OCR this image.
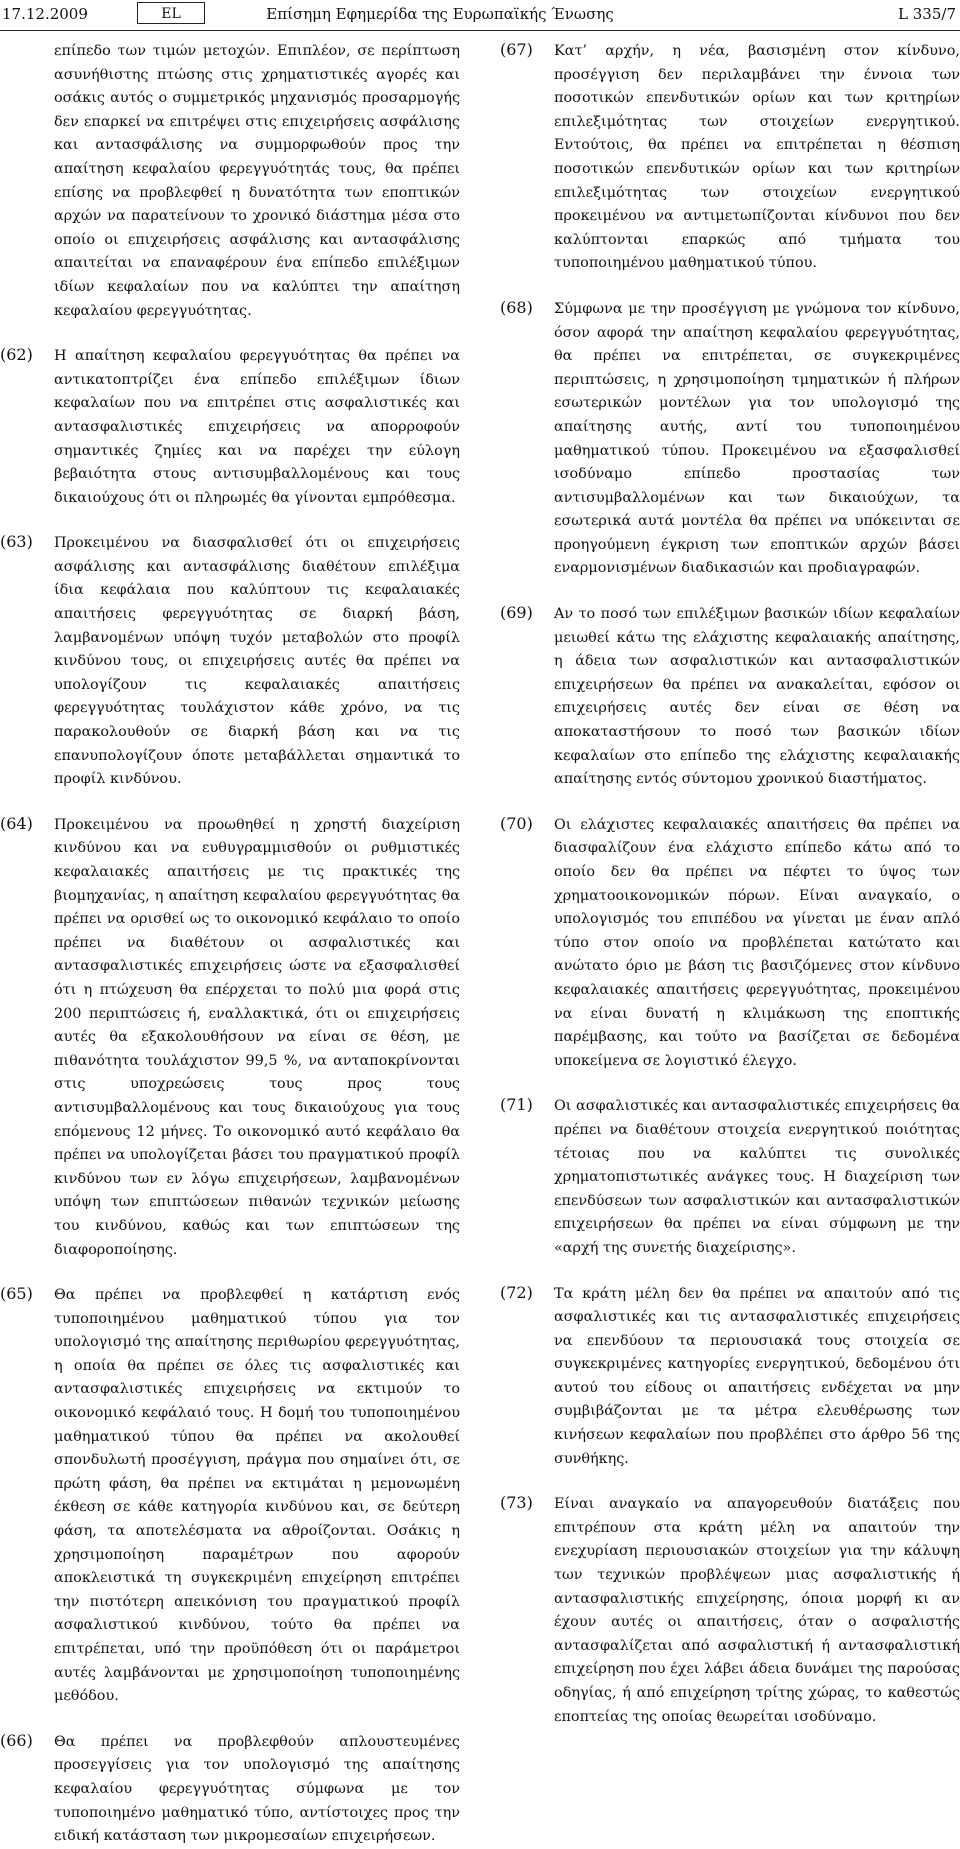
17.12.2009	EL	Επίσημη Εφημερίδα της Ευρωπαϊκής Ένωσης	L 335/7
επίπεδο των τιμών μετοχών. Επιπλέον, σε περίπτωση ασυνήθιστης πτώσης στις χρηματιστικές αγορές και οσάκις αυτός ο συμμετρικός μηχανισμός προσαρμογής δεν επαρκεί να επιτρέψει στις επιχειρήσεις ασφάλισης και αντασφάλισης να συμμορφωθούν προς την απαίτηση κεφαλαίου φερεγγυότητάς τους, θα πρέπει επίσης να προβλεφθεί η δυνατότητα των εποπτικών αρχών να παρατείνουν το χρονικό διάστημα μέσα στο οποίο οι επιχειρήσεις ασφάλισης και αντασφάλισης απαιτείται να επαναφέρουν ένα επίπεδο επιλέξιμων ιδίων κεφαλαίων που να καλύπτει την απαίτηση κεφαλαίου φερεγγυότητας.
(62)	Η απαίτηση κεφαλαίου φερεγγυότητας θα πρέπει να αντικατοπτρίζει ένα επίπεδο επιλέξιμων ίδιων κεφαλαίων που να επιτρέπει στις ασφαλιστικές και αντασφαλιστικές επιχειρήσεις να απορροφούν σημαντικές ζημίες και να παρέχει την εύλογη βεβαιότητα στους αντισυμβαλλομένους και τους δικαιούχους ότι οι πληρωμές θα γίνονται εμπρόθεσμα.
(63)	Προκειμένου να διασφαλισθεί ότι οι επιχειρήσεις ασφάλισης και αντασφάλισης διαθέτουν επιλέξιμα ίδια κεφάλαια που καλύπτουν τις κεφαλαιακές απαιτήσεις φερεγγυότητας σε διαρκή βάση, λαμβανομένων υπόψη τυχόν μεταβολών στο προφίλ κινδύνου τους, οι επιχειρήσεις αυτές θα πρέπει να υπολογίζουν τις κεφαλαιακές απαιτήσεις φερεγγυότητας τουλάχιστον κάθε χρόνο, να τις παρακολουθούν σε διαρκή βάση και να τις επανυπολογίζουν όποτε μεταβάλλεται σημαντικά το προφίλ κινδύνου.
(64)	Προκειμένου να προωθηθεί η χρηστή διαχείριση κινδύνου και να ευθυγραμμισθούν οι ρυθμιστικές κεφαλαιακές απαιτήσεις με τις πρακτικές της βιομηχανίας, η απαίτηση κεφαλαίου φερεγγυότητας θα πρέπει να ορισθεί ως το οικονομικό κεφάλαιο το οποίο πρέπει να διαθέτουν οι ασφαλιστικές και αντασφαλιστικές επιχειρήσεις ώστε να εξασφαλισθεί ότι η πτώχευση θα επέρχεται το πολύ μια φορά στις 200 περιπτώσεις ή, εναλλακτικά, ότι οι επιχειρήσεις αυτές θα εξακολουθήσουν να είναι σε θέση, με πιθανότητα τουλάχιστον 99,5 %, να ανταποκρίνονται στις υποχρεώσεις τους προς τους αντισυμβαλλομένους και τους δικαιούχους για τους επόμενους 12 μήνες. Το οικονομικό αυτό κεφάλαιο θα πρέπει να υπολογίζεται βάσει του πραγματικού προφίλ κινδύνου των εν λόγω επιχειρήσεων, λαμβανομένων υπόψη των επιπτώσεων πιθανών τεχνικών μείωσης του κινδύνου, καθώς και των επιπτώσεων της διαφοροποίησης.
(65)	Θα πρέπει να προβλεφθεί η κατάρτιση ενός τυποποιημένου μαθηματικού τύπου για τον υπολογισμό της απαίτησης περιθωρίου φερεγγυότητας, η οποία θα πρέπει σε όλες τις ασφαλιστικές και αντασφαλιστικές επιχειρήσεις να εκτιμούν το οικονομικό κεφάλαιό τους. Η δομή του τυποποιημένου μαθηματικού τύπου θα πρέπει να ακολουθεί σπονδυλωτή προσέγγιση, πράγμα που σημαίνει ότι, σε πρώτη φάση, θα πρέπει να εκτιμάται η μεμονωμένη έκθεση σε κάθε κατηγορία κινδύνου και, σε δεύτερη φάση, τα αποτελέσματα να αθροίζονται. Οσάκις η χρησιμοποίηση παραμέτρων που αφορούν αποκλειστικά τη συγκεκριμένη επιχείρηση επιτρέπει την πιστότερη απεικόνιση του πραγματικού προφίλ ασφαλιστικού κινδύνου, τούτο θα πρέπει να επιτρέπεται, υπό την προϋπόθεση ότι οι παράμετροι αυτές λαμβάνονται με χρησιμοποίηση τυποποιημένης μεθόδου.
(66)	Θα πρέπει να προβλεφθούν απλουστευμένες προσεγγίσεις για τον υπολογισμό της απαίτησης κεφαλαίου φερεγγυότητας σύμφωνα με τον τυποποιημένο μαθηματικό τύπο, αντίστοιχες προς την ειδική κατάσταση των μικρομεσαίων επιχειρήσεων.
(67)	Κατ’ αρχήν, η νέα, βασισμένη στον κίνδυνο, προσέγγιση δεν περιλαμβάνει την έννοια των ποσοτικών επενδυτικών ορίων και των κριτηρίων επιλεξιμότητας των στοιχείων ενεργητικού. Εντούτοις, θα πρέπει να επιτρέπεται η θέσπιση ποσοτικών επενδυτικών ορίων και των κριτηρίων επιλεξιμότητας των στοιχείων ενεργητικού προκειμένου να αντιμετωπίζονται κίνδυνοι που δεν καλύπτονται επαρκώς από τμήματα του τυποποιημένου μαθηματικού τύπου.
(68)	Σύμφωνα με την προσέγγιση με γνώμονα τον κίνδυνο, όσον αφορά την απαίτηση κεφαλαίου φερεγγυότητας, θα πρέπει να επιτρέπεται, σε συγκεκριμένες περιπτώσεις, η χρησιμοποίηση τμηματικών ή πλήρων εσωτερικών μοντέλων για τον υπολογισμό της απαίτησης αυτής, αντί του τυποποιημένου μαθηματικού τύπου. Προκειμένου να εξασφαλισθεί ισοδύναμο επίπεδο προστασίας των αντισυμβαλλομένων και των δικαιούχων, τα εσωτερικά αυτά μοντέλα θα πρέπει να υπόκεινται σε προηγούμενη έγκριση των εποπτικών αρχών βάσει εναρμονισμένων διαδικασιών και προδιαγραφών.
(69)	Αν το ποσό των επιλέξιμων βασικών ιδίων κεφαλαίων μειωθεί κάτω της ελάχιστης κεφαλαιακής απαίτησης, η άδεια των ασφαλιστικών και αντασφαλιστικών επιχειρήσεων θα πρέπει να ανακαλείται, εφόσον οι επιχειρήσεις αυτές δεν είναι σε θέση να αποκαταστήσουν το ποσό των βασικών ιδίων κεφαλαίων στο επίπεδο της ελάχιστης κεφαλαιακής απαίτησης εντός σύντομου χρονικού διαστήματος.
(70)	Οι ελάχιστες κεφαλαιακές απαιτήσεις θα πρέπει να διασφαλίζουν ένα ελάχιστο επίπεδο κάτω από το οποίο δεν θα πρέπει να πέφτει το ύψος των χρηματοοικονομικών πόρων. Είναι αναγκαίο, ο υπολογισμός του επιπέδου να γίνεται με έναν απλό τύπο στον οποίο να προβλέπεται κατώτατο και ανώτατο όριο με βάση τις βασιζόμενες στον κίνδυνο κεφαλαιακές απαιτήσεις φερεγγυότητας, προκειμένου να είναι δυνατή η κλιμάκωση της εποπτικής παρέμβασης, και τούτο να βασίζεται σε δεδομένα υποκείμενα σε λογιστικό έλεγχο.
(71)	Οι ασφαλιστικές και αντασφαλιστικές επιχειρήσεις θα πρέπει να διαθέτουν στοιχεία ενεργητικού ποιότητας τέτοιας που να καλύπτει τις συνολικές χρηματοπιστωτικές ανάγκες τους. Η διαχείριση των επενδύσεων των ασφαλιστικών και αντασφαλιστικών επιχειρήσεων θα πρέπει να είναι σύμφωνη με την «αρχή της συνετής διαχείρισης».
(72)	Τα κράτη μέλη δεν θα πρέπει να απαιτούν από τις ασφαλιστικές και τις αντασφαλιστικές επιχειρήσεις να επενδύουν τα περιουσιακά τους στοιχεία σε συγκεκριμένες κατηγορίες ενεργητικού, δεδομένου ότι αυτού του είδους οι απαιτήσεις ενδέχεται να μην συμβιβάζονται με τα μέτρα ελευθέρωσης των κινήσεων κεφαλαίων που προβλέπει στο άρθρο 56 της συνθήκης.
(73)	Είναι αναγκαίο να απαγορευθούν διατάξεις που επιτρέπουν στα κράτη μέλη να απαιτούν την ενεχυρίαση περιουσιακών στοιχείων για την κάλυψη των τεχνικών προβλέψεων μιας ασφαλιστικής ή αντασφαλιστικής επιχείρησης, όποια μορφή κι αν έχουν αυτές οι απαιτήσεις, όταν ο ασφαλιστής αντασφαλίζεται από ασφαλιστική ή αντασφαλιστική επιχείρηση που έχει λάβει άδεια δυνάμει της παρούσας οδηγίας, ή από επιχείρηση τρίτης χώρας, το καθεστώς εποπτείας της οποίας θεωρείται ισοδύναμο.
